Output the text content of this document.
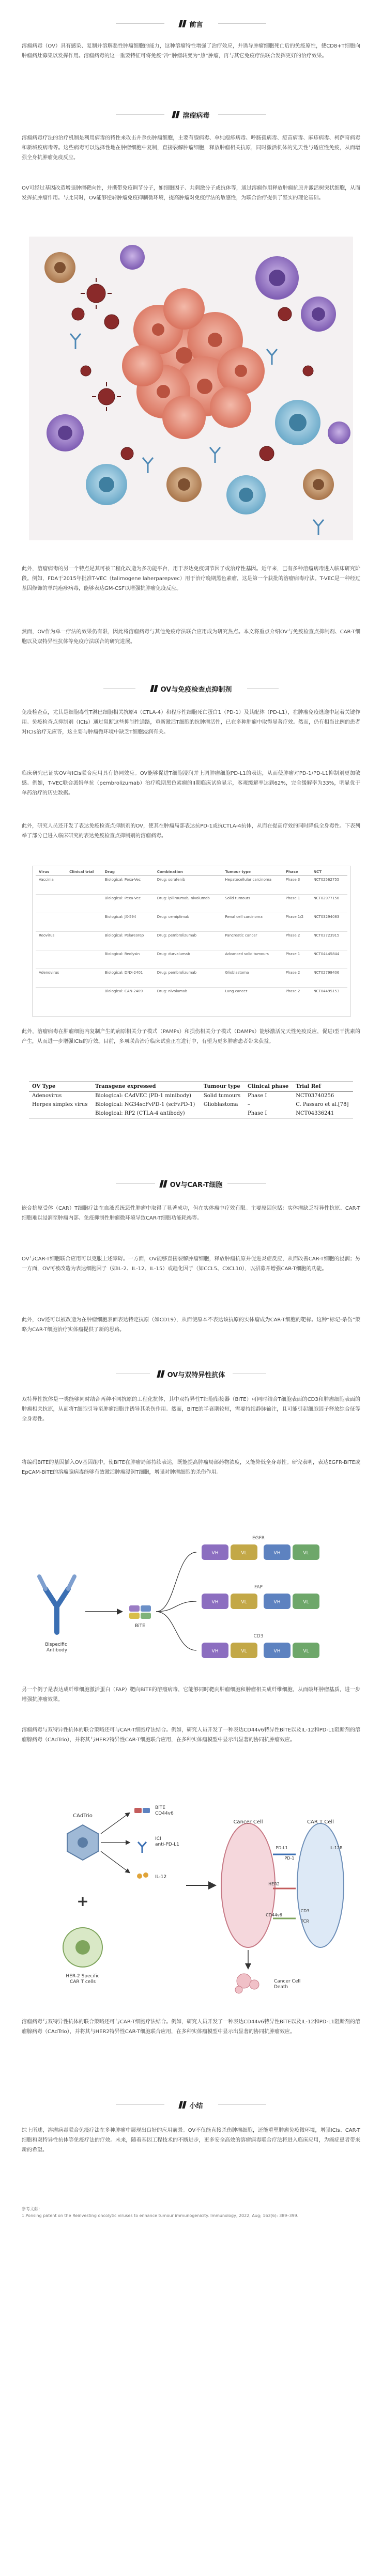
前言

溶瘤病毒（OV）具有感染、复制并溶解恶性肿瘤细胞的能力，这种溶瘤特性增强了治疗效应，并诱导肿瘤细胞死亡后的免疫原性，使CD8+T细胞向肿瘤病灶募集以发挥作用。溶瘤病毒的这一重要特征可将免疫“冷”肿瘤转变为“热”肿瘤，再与其它免疫疗法联合发挥更好的治疗效果。

溶瘤病毒

溶瘤病毒疗法的治疗机制是利用病毒的特性来攻击并杀伤肿瘤细胞，主要有腺病毒、单纯疱疹病毒、呼肠孤病毒、痘苗病毒、麻疹病毒、柯萨奇病毒和新城疫病毒等。这些病毒可以选择性地在肿瘤细胞中复制，直接裂解肿瘤细胞，释放肿瘤相关抗原，同时激活机体的先天性与适应性免疫，从而增强全身抗肿瘤免疫反应。

OV可经过基因改造增强肿瘤靶向性，并携带免疫调节分子，如细胞因子、共刺激分子或抗体等，通过溶瘤作用释放肿瘤抗原并激活树突状细胞，从而发挥抗肿瘤作用。与此同时，OV能够逆转肿瘤免疫抑制微环境，提高肿瘤对免疫疗法的敏感性，为联合治疗提供了坚实的理论基础。

此外，溶瘤病毒的另一个特点是其可被工程化改造为多功能平台，用于表达免疫调节因子或治疗性基因。近年来，已有多种溶瘤病毒进入临床研究阶段。例如，FDA于2015年批准T-VEC（talimogene laherparepvec）用于治疗晚期黑色素瘤，这是第一个获批的溶瘤病毒疗法。T-VEC是一种经过基因修饰的单纯疱疹病毒，能够表达GM-CSF以增强抗肿瘤免疫反应。

然而，OV作为单一疗法的效果仍有限，因此将溶瘤病毒与其他免疫疗法联合应用成为研究热点。本文将重点介绍OV与免疫检查点抑制剂、CAR-T细胞以及双特异性抗体等免疫疗法联合的研究进展。

OV与免疫检查点抑制剂

免疫检查点，尤其是细胞毒性T淋巴细胞相关抗原4（CTLA-4）和程序性细胞死亡蛋白1（PD-1）及其配体（PD-L1），在肿瘤免疫逃逸中起着关键作用。免疫检查点抑制剂（ICIs）通过阻断这些抑制性通路，重新激活T细胞的抗肿瘤活性，已在多种肿瘤中取得显著疗效。然而，仍有相当比例的患者对ICIs治疗无应答，这主要与肿瘤微环境中缺乏T细胞浸润有关。

临床研究已证实OV与ICIs联合应用具有协同效应。OV能够促进T细胞浸润并上调肿瘤细胞PD-L1的表达，从而使肿瘤对PD-1/PD-L1抑制剂更加敏感。例如，T-VEC联合派姆单抗（pembrolizumab）治疗晚期黑色素瘤的II期临床试验显示，客观缓解率达到62%，完全缓解率为33%，明显优于单药治疗的历史数据。

此外，研究人员还开发了表达免疫检查点抑制剂的OV，使其在肿瘤局部表达抗PD-1或抗CTLA-4抗体，从而在提高疗效的同时降低全身毒性。下表列举了部分已进入临床研究的表达免疫检查点抑制剂的溶瘤病毒。

Virus	Clinical trial	Drug	Combination	Tumour type	Phase	NCT
Vaccinia		Biological: Pexa-Vec	Drug: sorafenib	Hepatocellular carcinoma	Phase 3	NCT02562755
		Biological: Pexa-Vec	Drug: ipilimumab, nivolumab	Solid tumours	Phase 1	NCT02977156
		Biological: JX-594	Drug: cemiplimab	Renal cell carcinoma	Phase 1/2	NCT03294083
Reovirus		Biological: Pelareorep	Drug: pembrolizumab	Pancreatic cancer	Phase 2	NCT03723915
		Biological: Reolysin	Drug: durvalumab	Advanced solid tumours	Phase 1	NCT04445844
Adenovirus		Biological: DNX-2401	Drug: pembrolizumab	Glioblastoma	Phase 2	NCT02798406
		Biological: CAN-2409	Drug: nivolumab	Lung cancer	Phase 2	NCT04495153

此外，溶瘤病毒在肿瘤细胞内复制产生的病原相关分子模式（PAMPs）和损伤相关分子模式（DAMPs）能够激活先天性免疫反应，促进I型干扰素的产生，从而进一步增强ICIs的疗效。目前，多项联合治疗临床试验正在进行中，有望为更多肿瘤患者带来获益。

OV Type	Transgene expressed	Tumour type	Clinical phase	Trial Ref
Adenovirus	Biological: CAdVEC (PD-1 minibody)	Solid tumours	Phase I	NCT03740256
Herpes simplex virus	Biological: NG34scFvPD-1 (scFvPD-1)	Glioblastoma	–	C. Passaro et al.[78]
	Biological: RP2 (CTLA-4 antibody)		Phase I	NCT04336241
OV与CAR-T细胞

嵌合抗原受体（CAR）T细胞疗法在血液系统恶性肿瘤中取得了显著成功，但在实体瘤中疗效有限。主要原因包括：实体瘤缺乏特异性抗原、CAR-T细胞难以浸润至肿瘤内部、免疫抑制性肿瘤微环境导致CAR-T细胞功能耗竭等。

OV与CAR-T细胞联合应用可以克服上述障碍。一方面，OV能够直接裂解肿瘤细胞，释放肿瘤抗原并促进炎症反应，从而改善CAR-T细胞的浸润；另一方面，OV可被改造为表达细胞因子（如IL-2、IL-12、IL-15）或趋化因子（如CCL5、CXCL10），以招募并增强CAR-T细胞的功能。

此外，OV还可以被改造为在肿瘤细胞表面表达特定抗原（如CD19），从而使原本不表达该抗原的实体瘤成为CAR-T细胞的靶标。这种“标记-杀伤”策略为CAR-T细胞治疗实体瘤提供了新的思路。

OV与双特异性抗体

双特异性抗体是一类能够同时结合两种不同抗原的工程化抗体，其中双特异性T细胞衔接器（BiTE）可同时结合T细胞表面的CD3和肿瘤细胞表面的肿瘤相关抗原，从而将T细胞引导至肿瘤细胞并诱导其杀伤作用。然而，BiTE的半衰期较短，需要持续静脉输注，且可能引起细胞因子释放综合征等全身毒性。

将编码BiTE的基因插入OV基因组中，使BiTE在肿瘤局部持续表达，既能提高肿瘤局部药物浓度，又能降低全身毒性。研究表明，表达EGFR-BiTE或EpCAM-BiTE的溶瘤腺病毒能够有效激活肿瘤浸润T细胞，增强对肿瘤细胞的杀伤作用。

Bispecific Antibody
BiTE
VH	VL	VH	VL
EGFR
VH	VL	VH	VL
FAP
VH	VL	VH	VL
CD3

另一个例子是表达成纤维细胞激活蛋白（FAP）靶向BiTE的溶瘤病毒，它能够同时靶向肿瘤细胞和肿瘤相关成纤维细胞，从而破坏肿瘤基质，进一步增强抗肿瘤效果。

溶瘤病毒与双特异性抗体的联合策略还可与CAR-T细胞疗法结合。例如，研究人员开发了一种表达CD44v6特异性BiTE以及IL-12和PD-L1阻断剂的溶瘤腺病毒（CAdTrio），并将其与HER2特异性CAR-T细胞联合应用，在多种实体瘤模型中显示出显著的协同抗肿瘤效应。

CAdTrio
BiTE CD44v6
ICI anti-PD-L1
IL-12
+
HER-2 Specific CAR T cells
Cancer Cell	CAR T Cell
PD-L1
PD-1
HER2
CD44v6
CD3
TCR
IL-12R
Cancer Cell Death

溶瘤病毒与双特异性抗体的联合策略还可与CAR-T细胞疗法结合。例如，研究人员开发了一种表达CD44v6特异性BiTE以及IL-12和PD-L1阻断剂的溶瘤腺病毒（CAdTrio），并将其与HER2特异性CAR-T细胞联合应用，在多种实体瘤模型中显示出显著的协同抗肿瘤效应。

小结

综上所述，溶瘤病毒联合免疫疗法在多种肿瘤中展现出良好的应用前景。OV不仅能直接杀伤肿瘤细胞，还能重塑肿瘤免疫微环境，增强ICIs、CAR-T细胞和双特异性抗体等免疫疗法的疗效。未来，随着基因工程技术的不断进步，更多安全高效的溶瘤病毒联合疗法将进入临床应用，为癌症患者带来新的希望。

参考文献：
1.Ponsing patent on the Reinvesting oncolytic viruses to enhance tumour immunogenicity. Immunology, 2022, Aug; 163(6): 389–399.
